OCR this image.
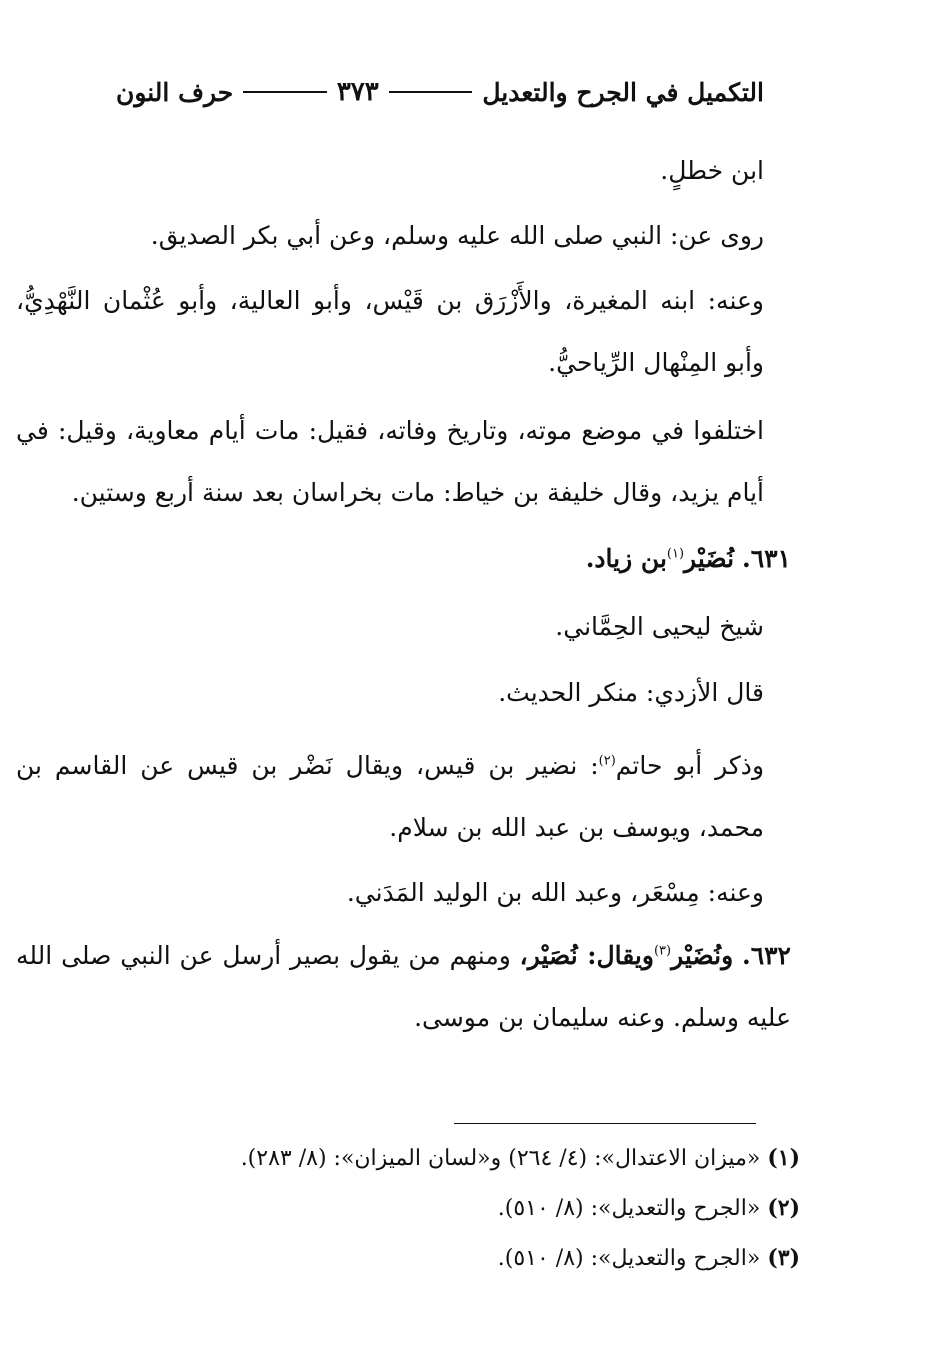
التكميل في الجرح والتعديل
٣٧٣
حرف النون
ابن خطلٍ.
روى عن: النبي صلى الله عليه وسلم، وعن أبي بكر الصديق.
وعنه: ابنه المغيرة، والأَزْرَق بن قَيْس، وأبو العالية، وأبو عُثْمان النَّهْدِيُّ، وأبو المِنْهال الرِّياحيُّ.
اختلفوا في موضع موته، وتاريخ وفاته، فقيل: مات أيام معاوية، وقيل: في أيام يزيد، وقال خليفة بن خياط: مات بخراسان بعد سنة أربع وستين.
٦٣١. نُضَيْر$^{(١)}$بن زياد.
شيخ ليحيى الحِمَّاني.
قال الأزدي: منكر الحديث.
وذكر أبو حاتم$^{(٢)}$: نضير بن قيس، ويقال نَضْر بن قيس عن القاسم بن محمد، ويوسف بن عبد الله بن سلام.
وعنه: مِسْعَر، وعبد الله بن الوليد المَدَني.
٦٣٢. ونُضَيْر$^{(٣)}$ويقال: نُصَيْر، ومنهم من يقول بصير أرسل عن النبي صلى الله عليه وسلم. وعنه سليمان بن موسى.
(١) «ميزان الاعتدال»: (٤/ ٢٦٤) و«لسان الميزان»: (٨/ ٢٨٣).
(٢) «الجرح والتعديل»: (٨/ ٥١٠).
(٣) «الجرح والتعديل»: (٨/ ٥١٠).
